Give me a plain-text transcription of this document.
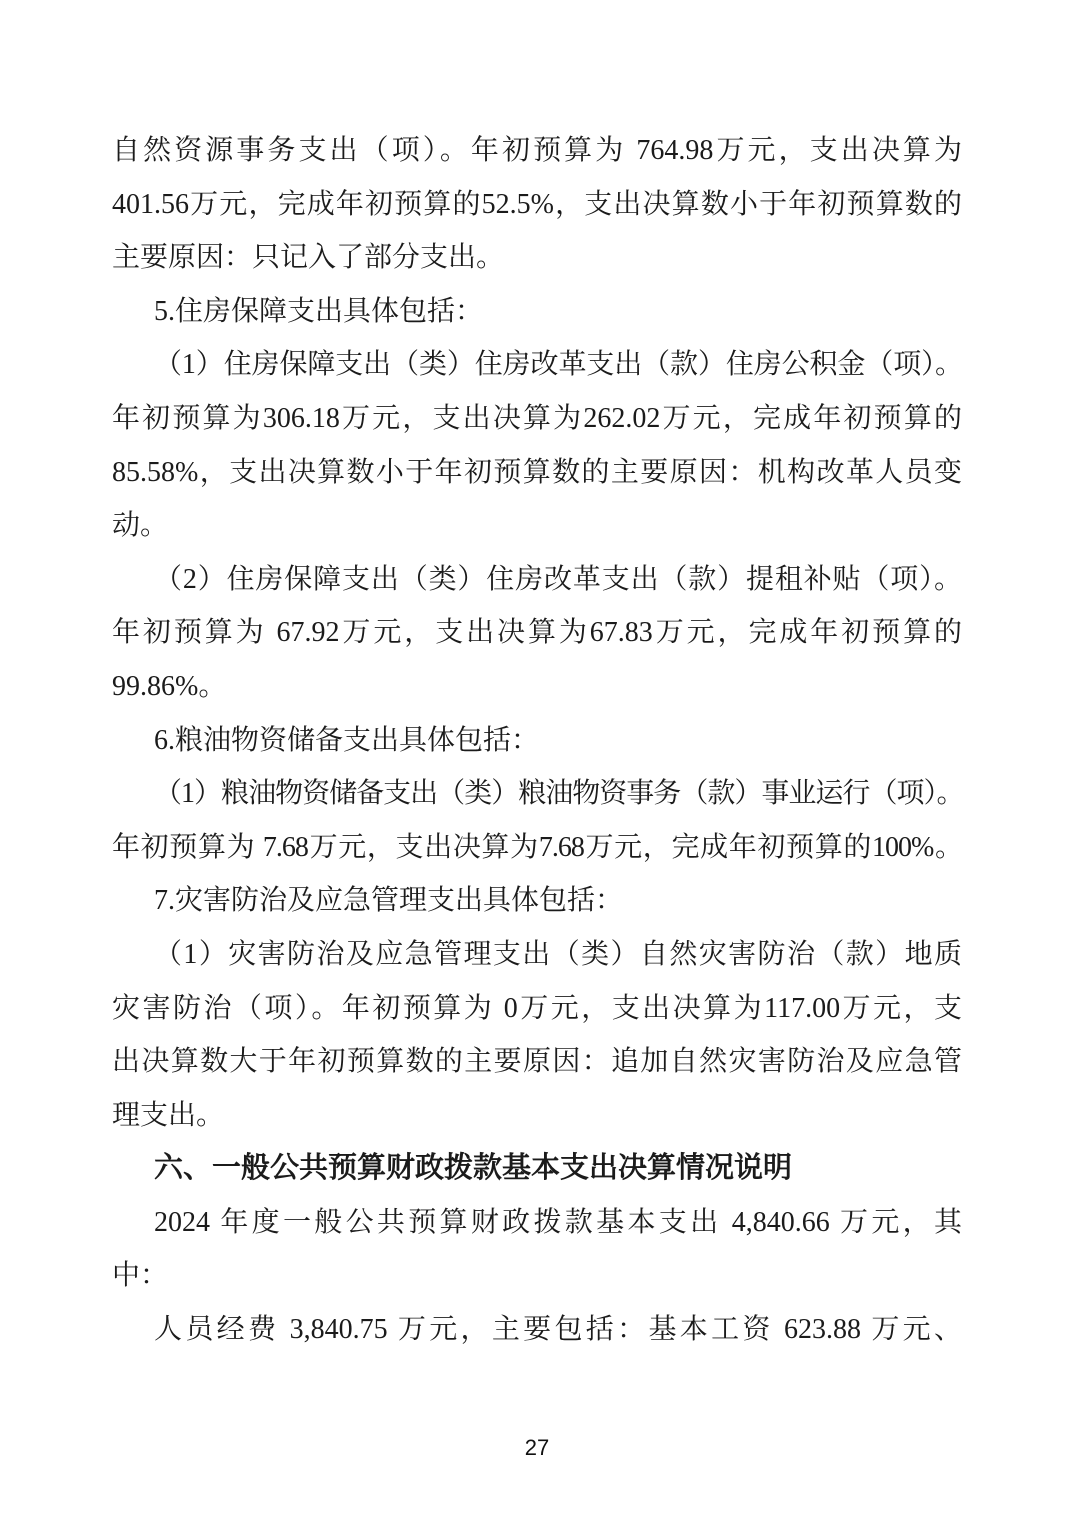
自然资源事务支出（项）。年初预算为 764.98万元，支出决算为
401.56万元，完成年初预算的52.5%，支出决算数小于年初预算数的
主要原因：只记入了部分支出。
5.住房保障支出具体包括：
（1）住房保障支出（类）住房改革支出（款）住房公积金（项）。
年初预算为306.18万元，支出决算为262.02万元，完成年初预算的
85.58%，支出决算数小于年初预算数的主要原因：机构改革人员变
动。
（2）住房保障支出（类）住房改革支出（款）提租补贴（项）。
年初预算为 67.92万元，支出决算为67.83万元，完成年初预算的
99.86%。
6.粮油物资储备支出具体包括：
（1）粮油物资储备支出（类）粮油物资事务（款）事业运行（项）。
年初预算为 7.68万元，支出决算为7.68万元，完成年初预算的100%。
7.灾害防治及应急管理支出具体包括：
（1）灾害防治及应急管理支出（类）自然灾害防治（款）地质
灾害防治（项）。年初预算为 0万元，支出决算为117.00万元，支
出决算数大于年初预算数的主要原因：追加自然灾害防治及应急管
理支出。
六、一般公共预算财政拨款基本支出决算情况说明
2024 年度一般公共预算财政拨款基本支出 4,840.66 万元，其
中：
人员经费 3,840.75 万元，主要包括：基本工资 623.88 万元、
27
